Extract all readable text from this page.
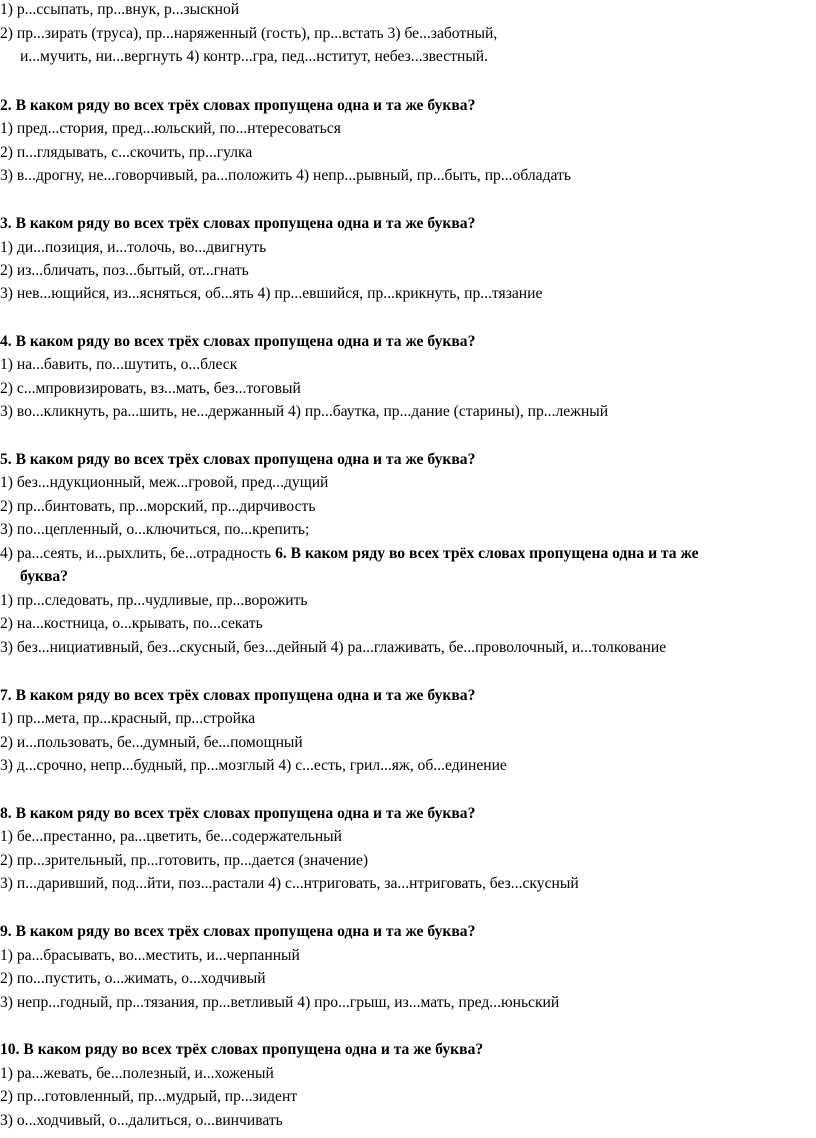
1) р...ссыпать, пр...внук, р...зыскной
2) пр...зирать (труса), пр...наряженный (гость), пр...встать 3) бе...заботный,
и...мучить, ни...вергнуть 4) контр...гра, пед...нститут, небез...звестный.
2. В каком ряду во всех трёх словах пропущена одна и та же буква?
1) пред...стория, пред...юльский, по...нтересоваться
2) п...глядывать, с...скочить, пр...гулка
3) в...дрогну, не...говорчивый, ра...положить 4) непр...рывный, пр...быть, пр...обладать
3. В каком ряду во всех трёх словах пропущена одна и та же буква?
1) ди...позиция, и...толочь, во...двигнуть
2) из...бличать, поз...бытый, от...гнать
3) нев...ющийся, из...ясняться, об...ять 4) пр...евшийся, пр...крикнуть, пр...тязание
4. В каком ряду во всех трёх словах пропущена одна и та же буква?
1) на...бавить, по...шутить, о...блеск
2) с...мпровизировать, вз...мать, без...тоговый
3) во...кликнуть, ра...шить, не...держанный 4) пр...баутка, пр...дание (старины), пр...лежный
5. В каком ряду во всех трёх словах пропущена одна и та же буква?
1) без...ндукционный, меж...гровой, пред...дущий
2) пр...бинтовать, пр...морский, пр...дирчивость
3) по...цепленный, о...ключиться, по...крепить;
4) ра...сеять, и...рыхлить, бе...отрадность 6. В каком ряду во всех трёх словах пропущена одна и та же
буква?
1) пр...следовать, пр...чудливые, пр...ворожить
2) на...костница, о...крывать, по...секать
3) без...нициативный, без...скусный, без...дейный 4) ра...глаживать, бе...проволочный, и...толкование
7. В каком ряду во всех трёх словах пропущена одна и та же буква?
1) пр...мета, пр...красный, пр...стройка
2) и...пользовать, бе...думный, бе...помощный
3) д...срочно, непр...будный, пр...мозглый 4) с...есть, грил...яж, об...единение
8. В каком ряду во всех трёх словах пропущена одна и та же буква?
1) бе...престанно, ра...цветить, бе...содержательный
2) пр...зрительный, пр...готовить, пр...дается (значение)
3) п...даривший, под...йти, поз...растали 4) с...нтриговать, за...нтриговать, без...скусный
9. В каком ряду во всех трёх словах пропущена одна и та же буква?
1) ра...брасывать, во...местить, и...черпанный
2) по...пустить, о...жимать, о...ходчивый
3) непр...годный, пр...тязания, пр...ветливый 4) про...грыш, из...мать, пред...юньский
10. В каком ряду во всех трёх словах пропущена одна и та же буква?
1) ра...жевать, бе...полезный, и...хоженый
2) пр...готовленный, пр...мудрый, пр...зидент
3) о...ходчивый, о...далиться, о...винчивать
